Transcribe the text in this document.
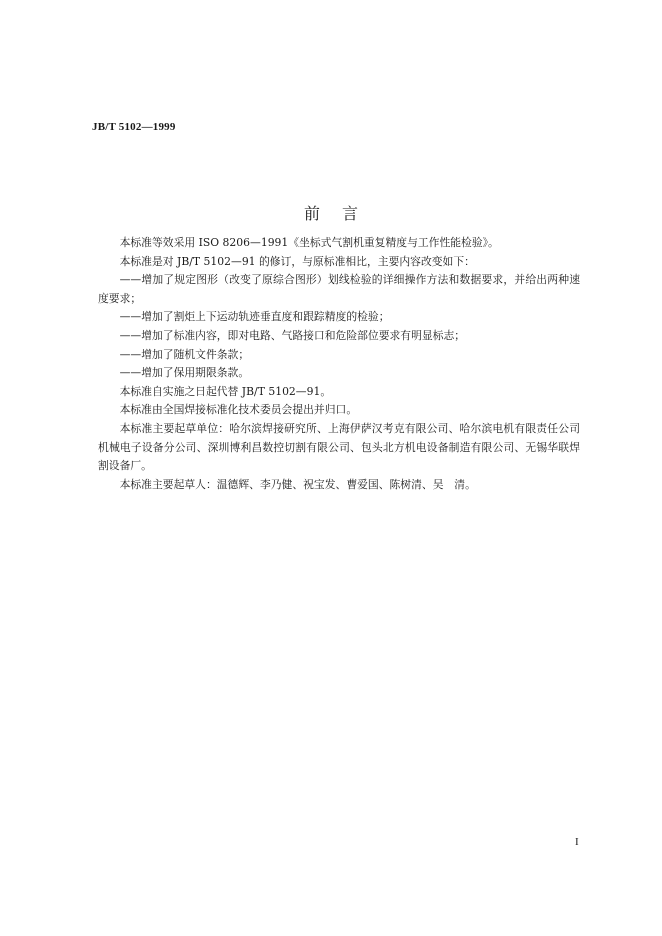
JB/T 5102—1999

前言

本标准等效采用 ISO 8206—1991《坐标式气割机重复精度与工作性能检验》。

本标准是对 JB/T 5102—91 的修订，与原标准相比，主要内容改变如下：

——增加了规定图形（改变了原综合图形）划线检验的详细操作方法和数据要求，并给出两种速度要求；

——增加了割炬上下运动轨迹垂直度和跟踪精度的检验；

——增加了标准内容，即对电路、气路接口和危险部位要求有明显标志；

——增加了随机文件条款；

——增加了保用期限条款。

本标准自实施之日起代替 JB/T 5102—91。

本标准由全国焊接标准化技术委员会提出并归口。

本标准主要起草单位：哈尔滨焊接研究所、上海伊萨汉考克有限公司、哈尔滨电机有限责任公司机械电子设备分公司、深圳博利昌数控切割有限公司、包头北方机电设备制造有限公司、无锡华联焊割设备厂。

本标准主要起草人：温德辉、李乃健、祝宝发、曹爱国、陈树清、吴　清。

I
